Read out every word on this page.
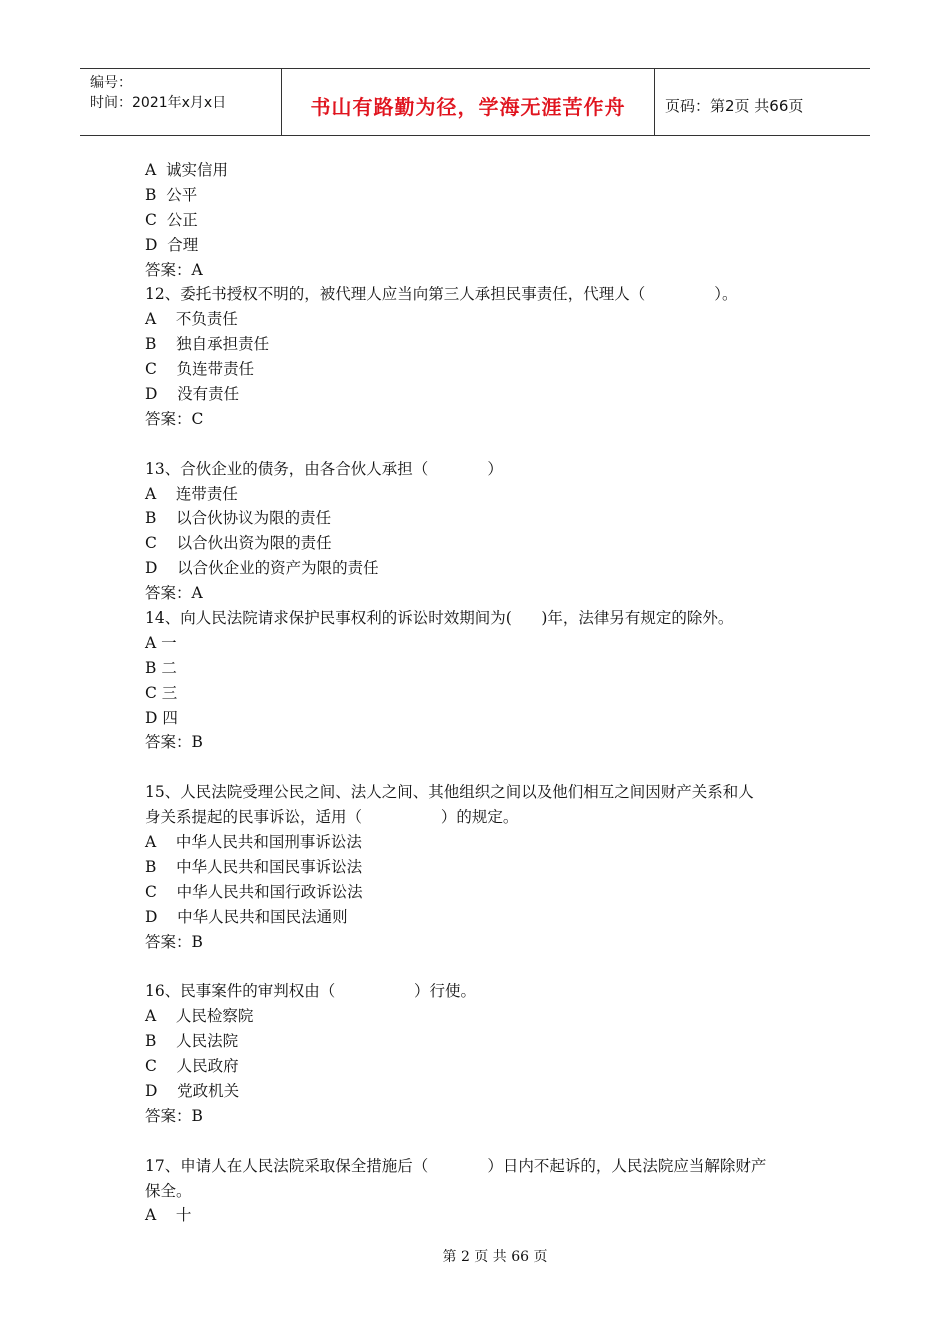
编号：
时间：2021年x月x日	书山有路勤为径，学海无涯苦作舟	页码：第2页 共66页
A  诚实信用
B  公平
C  公正
D  合理
答案：A
12、委托书授权不明的，被代理人应当向第三人承担民事责任，代理人（              ）。
A    不负责任
B    独自承担责任
C    负连带责任
D    没有责任
答案：C
13、合伙企业的债务，由各合伙人承担（            ）
A    连带责任
B    以合伙协议为限的责任
C    以合伙出资为限的责任
D    以合伙企业的资产为限的责任
答案：A
14、向人民法院请求保护民事权利的诉讼时效期间为(      )年，法律另有规定的除外。
A 一
B 二
C 三
D 四
答案：B
15、人民法院受理公民之间、法人之间、其他组织之间以及他们相互之间因财产关系和人
身关系提起的民事诉讼，适用（                ）的规定。
A    中华人民共和国刑事诉讼法
B    中华人民共和国民事诉讼法
C    中华人民共和国行政诉讼法
D    中华人民共和国民法通则
答案：B
16、民事案件的审判权由（                ）行使。
A    人民检察院
B    人民法院
C    人民政府
D    党政机关
答案：B
17、申请人在人民法院采取保全措施后（            ）日内不起诉的，人民法院应当解除财产
保全。
A    十
第 2 页 共 66 页
